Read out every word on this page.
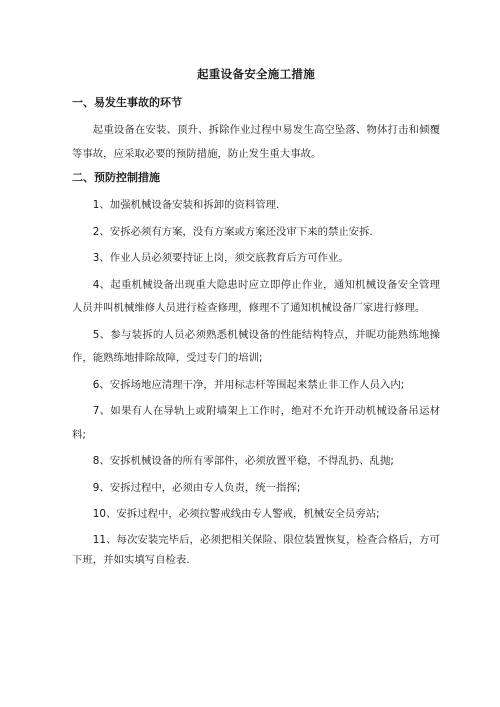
起重设备安全施工措施
一、易发生事故的环节

起重设备在安装、顶升、拆除作业过程中易发生高空坠落、物体打击和倾覆等事故，应采取必要的预防措施，防止发生重大事故。

二、预防控制措施

1、加强机械设备安装和拆卸的资料管理.

2、安拆必须有方案，没有方案或方案还没审下来的禁止安拆.

3、作业人员必须要持证上岗，须交底教育后方可作业。

4、起重机械设备出现重大隐患时应立即停止作业，通知机械设备安全管理人员并叫机械维修人员进行检查修理，修理不了通知机械设备厂家进行修理。

5、参与装拆的人员必须熟悉机械设备的性能结构特点，并昵功能熟练地操作，能熟练地排除故障，受过专门的培训;

6、安拆场地应清理干净，并用标志杆等围起来禁止非工作人员入内;

7、如果有人在导轨上或附墙架上工作时，绝对不允许开动机械设备吊运材料;

8、安拆机械设备的所有零部件，必须放置平稳，不得乱扔、乱抛;

9、安拆过程中，必须由专人负责，统一指挥;

10、安拆过程中，必须拉警戒线由专人警戒，机械安全员旁站;

11、每次安装完毕后，必须把相关保险、限位装置恢复，检查合格后，方可下班，并如实填写自检表.
